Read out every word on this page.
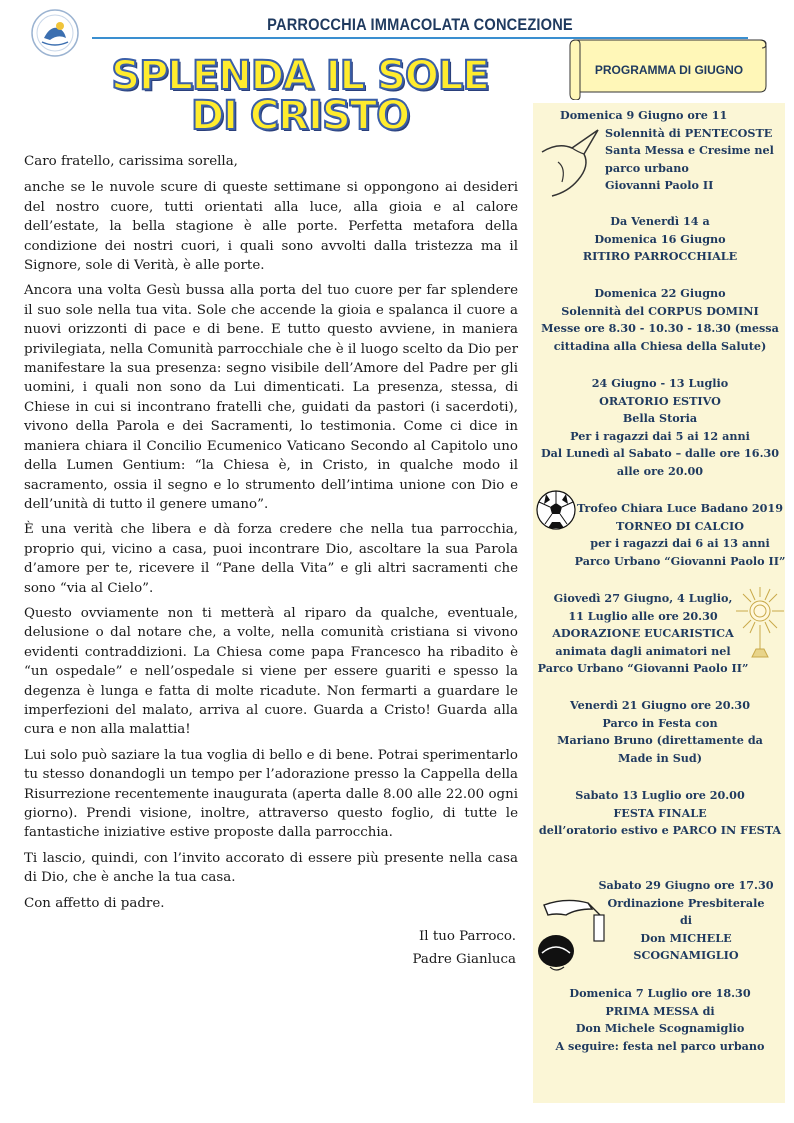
PARROCCHIA IMMACOLATA CONCEZIONE
SPLENDA IL SOLE
DI CRISTO
PROGRAMMA DI GIUGNO

Caro fratello, carissima sorella,

anche se le nuvole scure di queste settimane si oppongono ai desideri del nostro cuore, tutti orientati alla luce, alla gioia e al calore dell’estate, la bella stagione è alle porte. Perfetta metafora della condizione dei nostri cuori, i quali sono avvolti dalla tristezza ma il Signore, sole di Verità, è alle porte.

Ancora una volta Gesù bussa alla porta del tuo cuore per far splendere il suo sole nella tua vita. Sole che accende la gioia e spalanca il cuore a nuovi orizzonti di pace e di bene. E tutto questo avviene, in maniera privilegiata, nella Comunità parrocchiale che è il luogo scelto da Dio per manifestare la sua presenza: segno visibile dell’Amore del Padre per gli uomini, i quali non sono da Lui dimenticati. La presenza, stessa, di Chiese in cui si incontrano fratelli che, guidati da pastori (i sacerdoti), vivono della Parola e dei Sacramenti, lo testimonia. Come ci dice in maniera chiara il Concilio Ecumenico Vaticano Secondo al Capitolo uno della Lumen Gentium: “la Chiesa è, in Cristo, in qualche modo il sacramento, ossia il segno e lo strumento dell’intima unione con Dio e dell’unità di tutto il genere umano”.

È una verità che libera e dà forza credere che nella tua parrocchia, proprio qui, vicino a casa, puoi incontrare Dio, ascoltare la sua Parola d’amore per te, ricevere il “Pane della Vita” e gli altri sacramenti che sono “via al Cielo”.

Questo ovviamente non ti metterà al riparo da qualche, eventuale, delusione o dal notare che, a volte, nella comunità cristiana si vivono evidenti contraddizioni. La Chiesa come papa Francesco ha ribadito è “un ospedale” e nell’ospedale si viene per essere guariti e spesso la degenza è lunga e fatta di molte ricadute. Non fermarti a guardare le imperfezioni del malato, arriva al cuore. Guarda a Cristo! Guarda alla cura e non alla malattia!

Lui solo può saziare la tua voglia di bello e di bene. Potrai sperimentarlo tu stesso donandogli un tempo per l’adorazione presso la Cappella della Risurrezione recentemente inaugurata (aperta dalle 8.00 alle 22.00 ogni giorno). Prendi visione, inoltre, attraverso questo foglio, di tutte le fantastiche iniziative estive proposte dalla parrocchia.

Ti lascio, quindi, con l’invito accorato di essere più presente nella casa di Dio, che è anche la tua casa.

Con affetto di padre.

Il tuo Parroco.

Padre Gianluca

Domenica 9 Giugno ore 11
Solennità di PENTECOSTE
Santa Messa e Cresime nel
parco urbano
Giovanni Paolo II
Da Venerdì 14 a
Domenica 16 Giugno
RITIRO PARROCCHIALE
Domenica 22 Giugno
Solennità del CORPUS DOMINI
Messe ore 8.30 - 10.30 - 18.30 (messa
cittadina alla Chiesa della Salute)
24 Giugno - 13 Luglio
ORATORIO ESTIVO
Bella Storia
Per i ragazzi dai 5 ai 12 anni
Dal Lunedì al Sabato – dalle ore 16.30
alle ore 20.00
Trofeo Chiara Luce Badano 2019
TORNEO DI CALCIO
per i ragazzi dai 6 ai 13 anni
Parco Urbano “Giovanni Paolo II”
Giovedì 27 Giugno, 4 Luglio,
11 Luglio alle ore 20.30
ADORAZIONE EUCARISTICA
animata dagli animatori nel
Parco Urbano “Giovanni Paolo II”
Venerdì 21 Giugno ore 20.30
Parco in Festa con
Mariano Bruno (direttamente da
Made in Sud)
Sabato 13 Luglio ore 20.00
FESTA FINALE
dell’oratorio estivo e PARCO IN FESTA
Sabato 29 Giugno ore 17.30
Ordinazione Presbiterale
di
Don MICHELE
SCOGNAMIGLIO
Domenica 7 Luglio ore 18.30
PRIMA MESSA di
Don Michele Scognamiglio
A seguire: festa nel parco urbano
